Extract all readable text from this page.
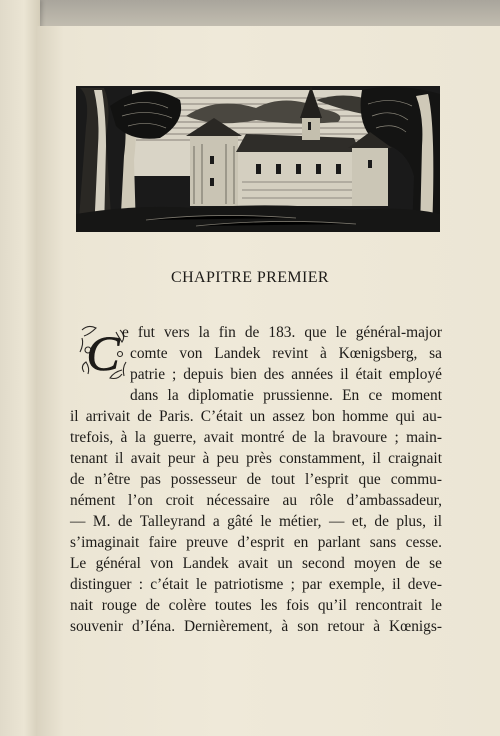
CHAPITRE PREMIER
C e fut vers la fin de 183. que le général-major
comte von Landek revint à Kœnigsberg, sa
patrie ; depuis bien des années il était employé
dans la diplomatie prussienne. En ce moment
il arrivait de Paris. C’était un assez bon homme qui au-
trefois, à la guerre, avait montré de la bravoure ; main-
tenant il avait peur à peu près constamment, il craignait
de n’être pas possesseur de tout l’esprit que commu-
nément l’on croit nécessaire au rôle d’ambassadeur,
— M. de Talleyrand a gâté le métier, — et, de plus, il
s’imaginait faire preuve d’esprit en parlant sans cesse.
Le général von Landek avait un second moyen de se
distinguer : c’était le patriotisme ; par exemple, il deve-
nait rouge de colère toutes les fois qu’il rencontrait le
souvenir d’Iéna. Dernièrement, à son retour à Kœnigs-
